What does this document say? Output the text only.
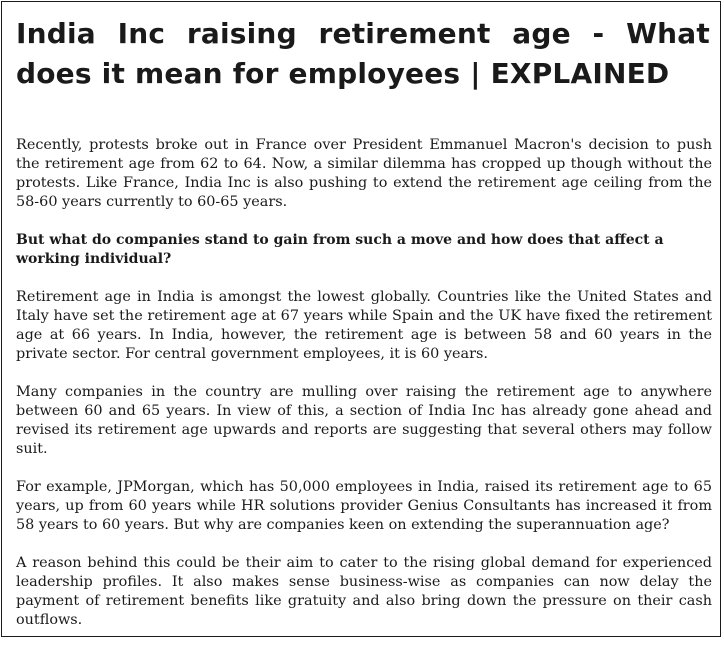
India Inc raising retirement age - What does it mean for employees | EXPLAINED

Recently, protests broke out in France over President Emmanuel Macron's decision to push the retirement age from 62 to 64. Now, a similar dilemma has cropped up though without the protests. Like France, India Inc is also pushing to extend the retirement age ceiling from the 58-60 years currently to 60-65 years.

But what do companies stand to gain from such a move and how does that affect a working individual?

Retirement age in India is amongst the lowest globally. Countries like the United States and Italy have set the retirement age at 67 years while Spain and the UK have fixed the retirement age at 66 years. In India, however, the retirement age is between 58 and 60 years in the private sector. For central government employees, it is 60 years.

Many companies in the country are mulling over raising the retirement age to anywhere between 60 and 65 years. In view of this, a section of India Inc has already gone ahead and revised its retirement age upwards and reports are suggesting that several others may follow suit.

For example, JPMorgan, which has 50,000 employees in India, raised its retirement age to 65 years, up from 60 years while HR solutions provider Genius Consultants has increased it from 58 years to 60 years. But why are companies keen on extending the superannuation age?

A reason behind this could be their aim to cater to the rising global demand for experienced leadership profiles. It also makes sense business-wise as companies can now delay the payment of retirement benefits like gratuity and also bring down the pressure on their cash outflows.
